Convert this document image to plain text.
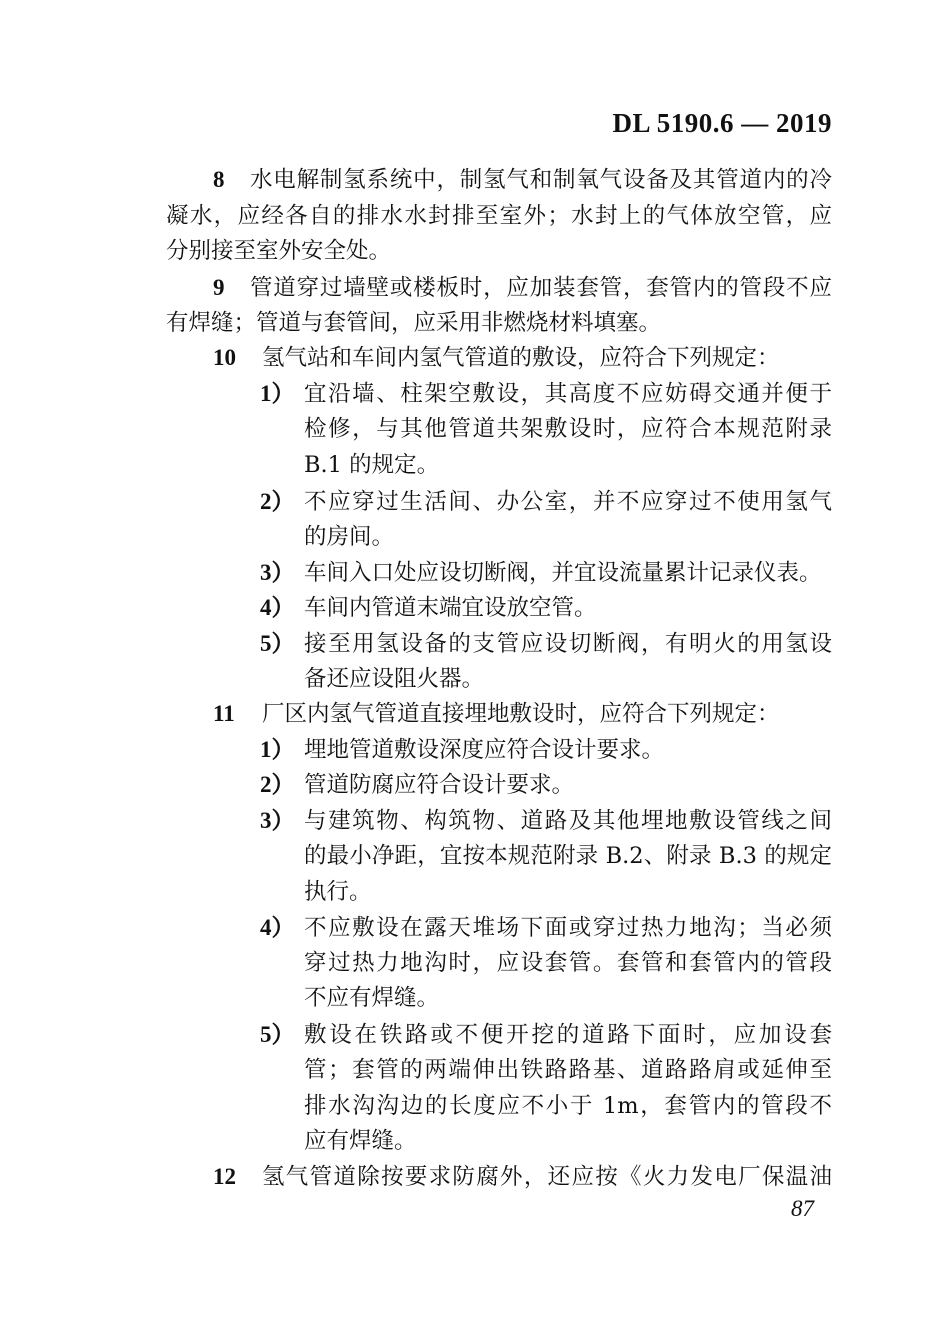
DL 5190.6 — 2019
8 水电解制氢系统中，制氢气和制氧气设备及其管道内的冷
凝水，应经各自的排水水封排至室外；水封上的气体放空管，应
分别接至室外安全处。
9 管道穿过墙壁或楼板时，应加装套管，套管内的管段不应
有焊缝；管道与套管间，应采用非燃烧材料填塞。
10 氢气站和车间内氢气管道的敷设，应符合下列规定：
1） 宜沿墙、柱架空敷设，其高度不应妨碍交通并便于
检修，与其他管道共架敷设时，应符合本规范附录
B.1 的规定。
2） 不应穿过生活间、办公室，并不应穿过不使用氢气
的房间。
3） 车间入口处应设切断阀，并宜设流量累计记录仪表。
4） 车间内管道末端宜设放空管。
5） 接至用氢设备的支管应设切断阀，有明火的用氢设
备还应设阻火器。
11 厂区内氢气管道直接埋地敷设时，应符合下列规定：
1） 埋地管道敷设深度应符合设计要求。
2） 管道防腐应符合设计要求。
3） 与建筑物、构筑物、道路及其他埋地敷设管线之间
的最小净距，宜按本规范附录 B.2、附录 B.3 的规定
执行。
4） 不应敷设在露天堆场下面或穿过热力地沟；当必须
穿过热力地沟时，应设套管。套管和套管内的管段
不应有焊缝。
5） 敷设在铁路或不便开挖的道路下面时，应加设套
管；套管的两端伸出铁路路基、道路路肩或延伸至
排水沟沟边的长度应不小于 1m，套管内的管段不
应有焊缝。
12 氢气管道除按要求防腐外，还应按《火力发电厂保温油
87
